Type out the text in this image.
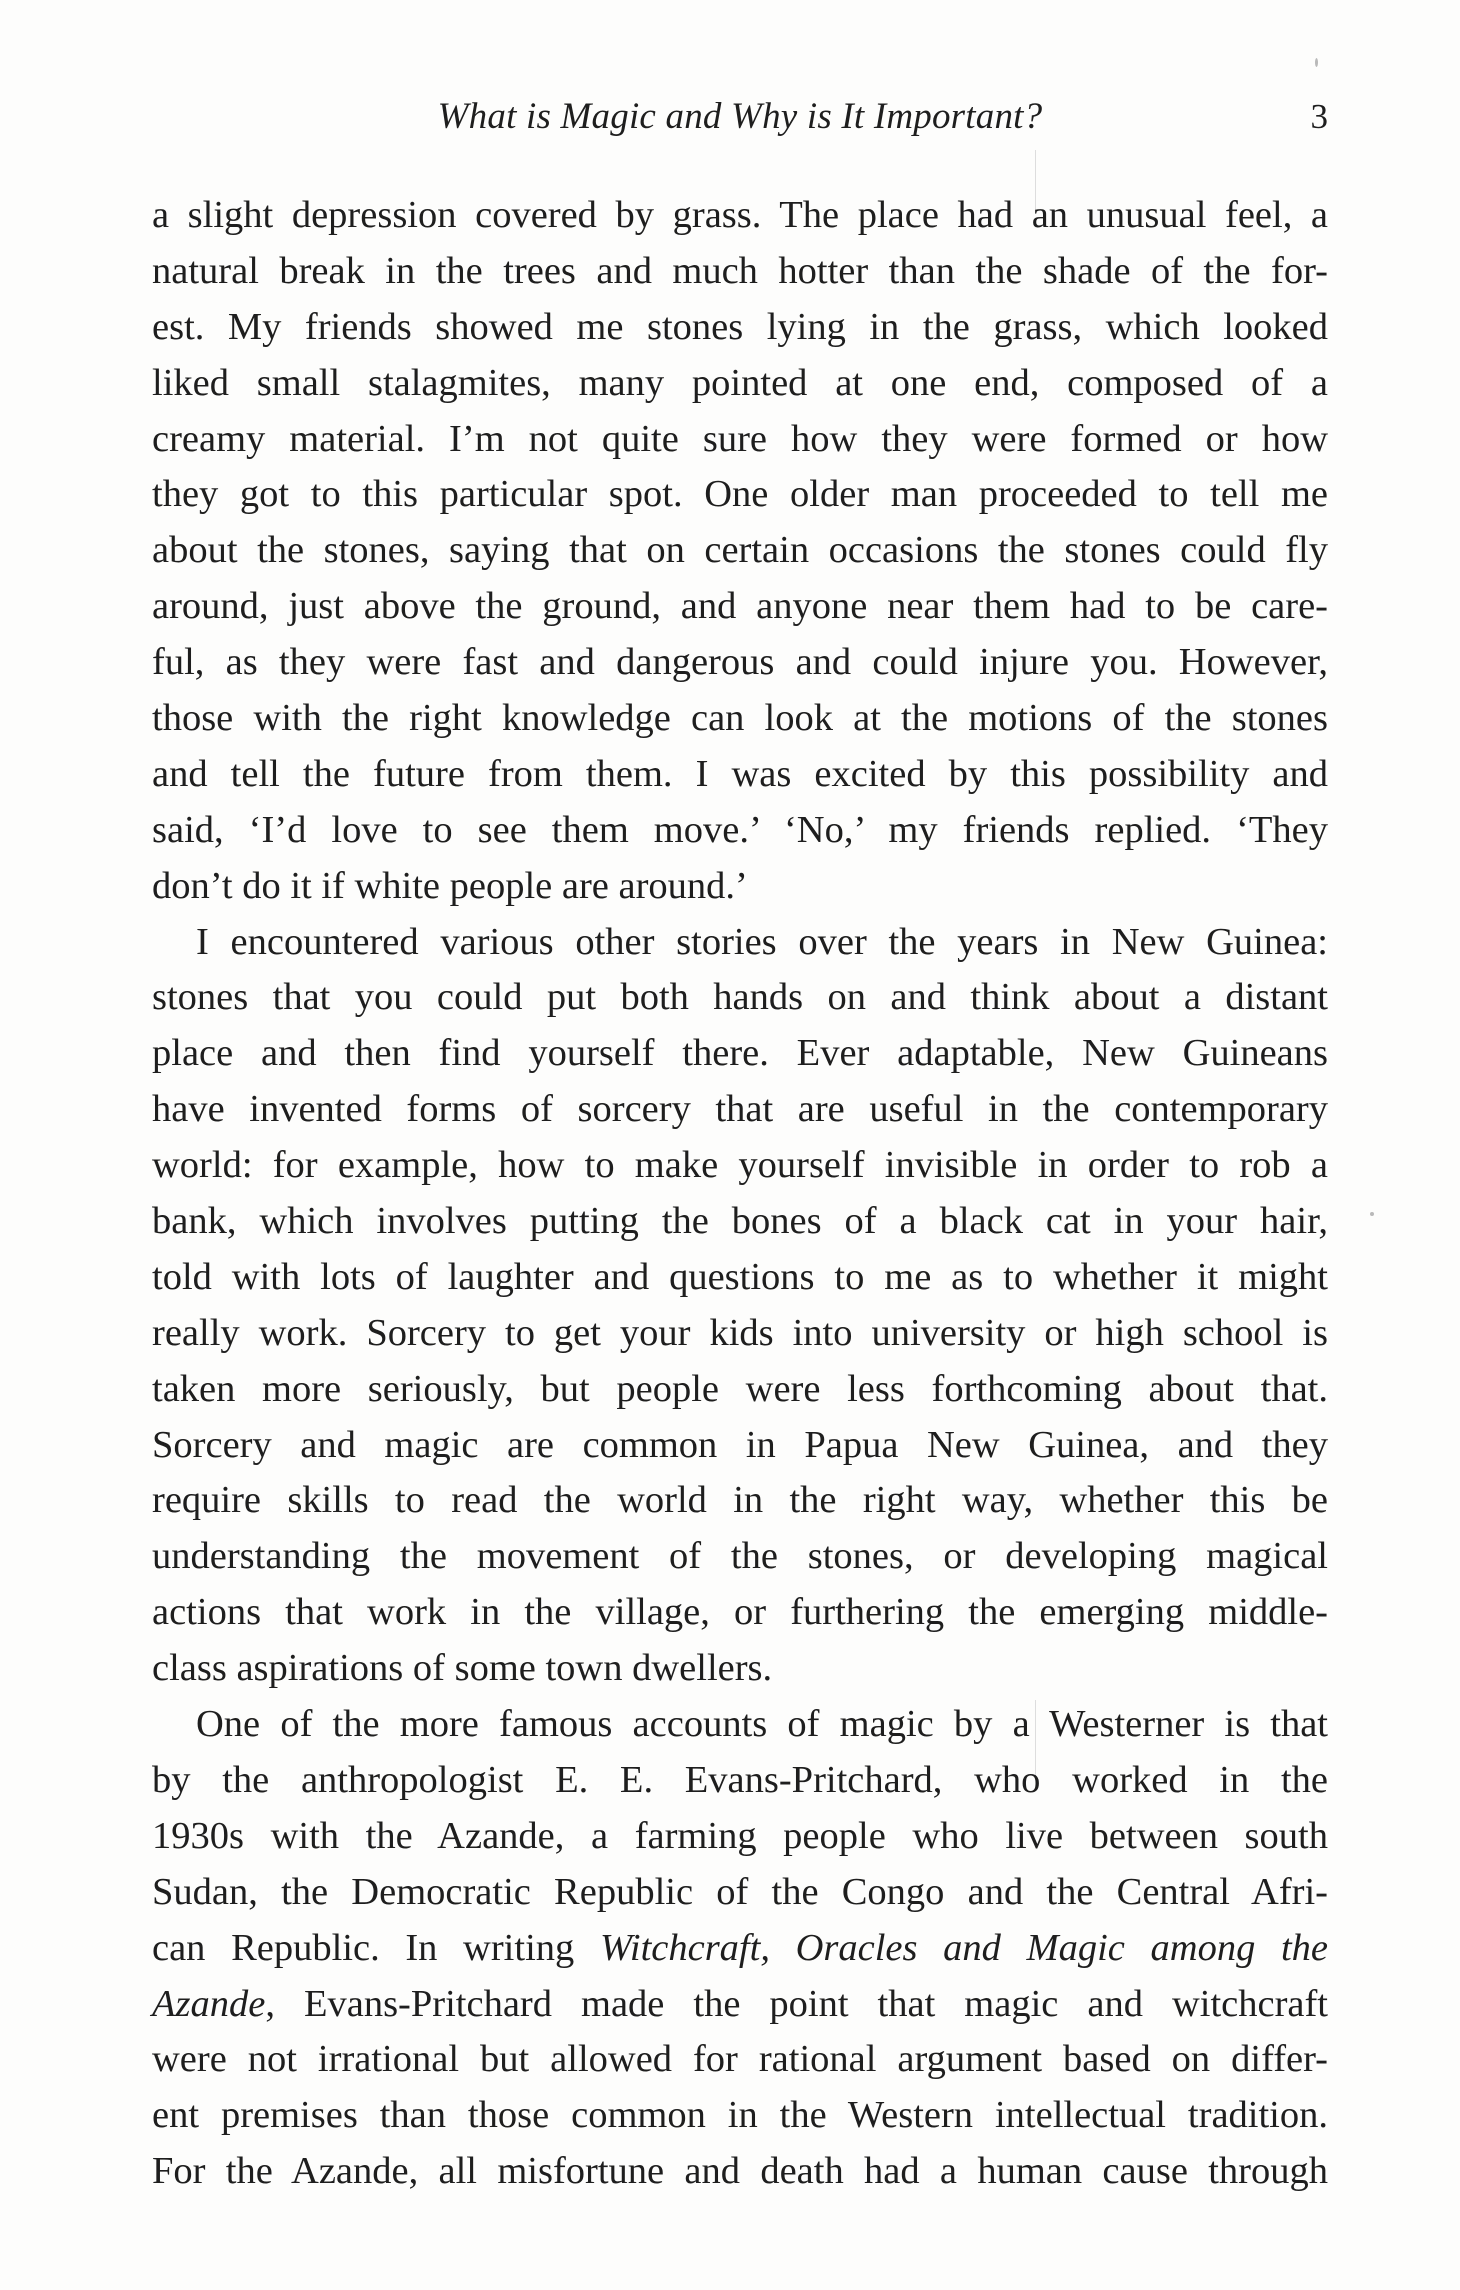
What is Magic and Why is It Important?	3
a slight depression covered by grass. The place had an unusual feel, a
natural break in the trees and much hotter than the shade of the for-
est. My friends showed me stones lying in the grass, which looked
liked small stalagmites, many pointed at one end, composed of a
creamy material. I’m not quite sure how they were formed or how
they got to this particular spot. One older man proceeded to tell me
about the stones, saying that on certain occasions the stones could fly
around, just above the ground, and anyone near them had to be care-
ful, as they were fast and dangerous and could injure you. However,
those with the right knowledge can look at the motions of the stones
and tell the future from them. I was excited by this possibility and
said, ‘I’d love to see them move.’ ‘No,’ my friends replied. ‘They
don’t do it if white people are around.’
I encountered various other stories over the years in New Guinea:
stones that you could put both hands on and think about a distant
place and then find yourself there. Ever adaptable, New Guineans
have invented forms of sorcery that are useful in the contemporary
world: for example, how to make yourself invisible in order to rob a
bank, which involves putting the bones of a black cat in your hair,
told with lots of laughter and questions to me as to whether it might
really work. Sorcery to get your kids into university or high school is
taken more seriously, but people were less forthcoming about that.
Sorcery and magic are common in Papua New Guinea, and they
require skills to read the world in the right way, whether this be
understanding the movement of the stones, or developing magical
actions that work in the village, or furthering the emerging middle-
class aspirations of some town dwellers.
One of the more famous accounts of magic by a Westerner is that
by the anthropologist E. E. Evans-Pritchard, who worked in the
1930s with the Azande, a farming people who live between south
Sudan, the Democratic Republic of the Congo and the Central Afri-
can Republic. In writing Witchcraft, Oracles and Magic among the
Azande, Evans-Pritchard made the point that magic and witchcraft
were not irrational but allowed for rational argument based on differ-
ent premises than those common in the Western intellectual tradition.
For the Azande, all misfortune and death had a human cause through
